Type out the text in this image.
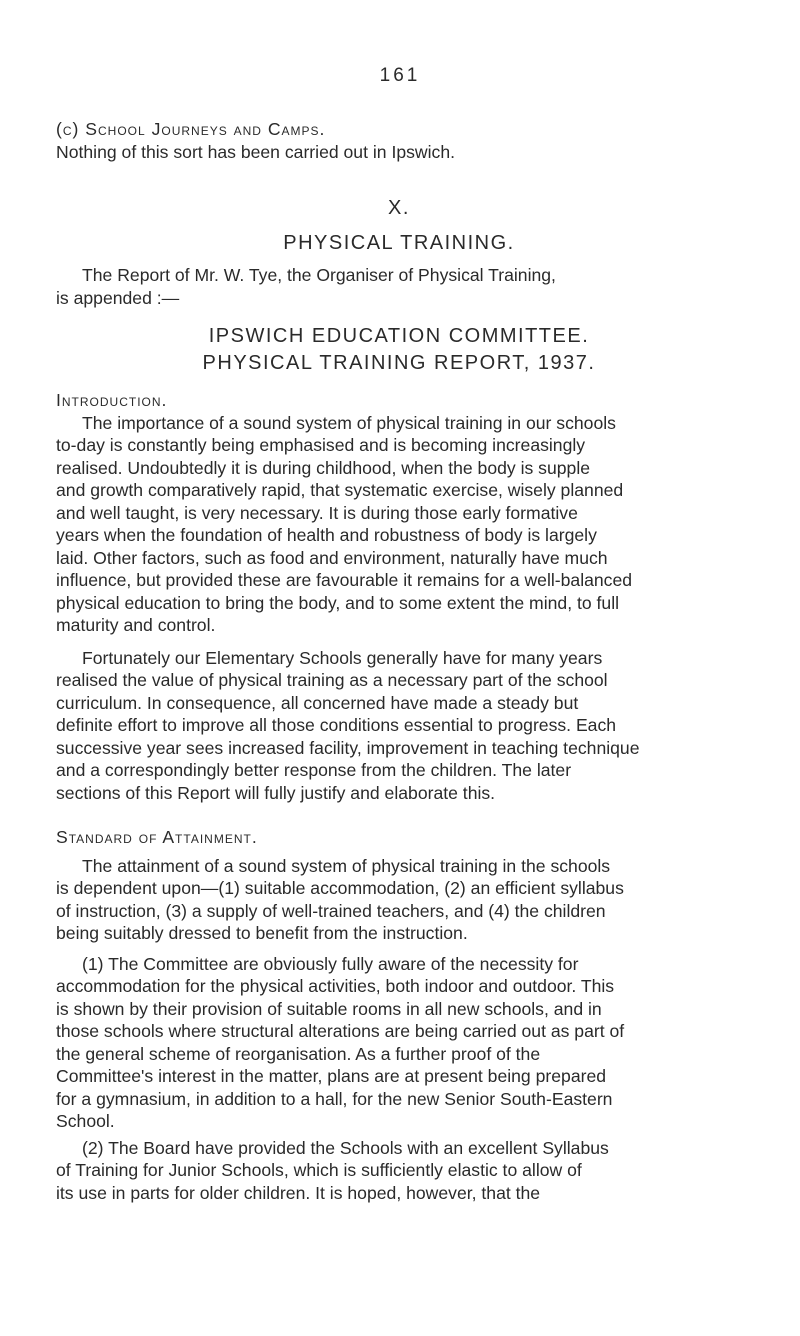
161
(c) School Journeys and Camps.
Nothing of this sort has been carried out in Ipswich.
X.
PHYSICAL TRAINING.
The Report of Mr. W. Tye, the Organiser of Physical Training,
is appended :—
IPSWICH EDUCATION COMMITTEE.
PHYSICAL TRAINING REPORT, 1937.
Introduction.
The importance of a sound system of physical training in our schools
to-day is constantly being emphasised and is becoming increasingly
realised. Undoubtedly it is during childhood, when the body is supple
and growth comparatively rapid, that systematic exercise, wisely planned
and well taught, is very necessary. It is during those early formative
years when the foundation of health and robustness of body is largely
laid. Other factors, such as food and environment, naturally have much
influence, but provided these are favourable it remains for a well-balanced
physical education to bring the body, and to some extent the mind, to full
maturity and control.
Fortunately our Elementary Schools generally have for many years
realised the value of physical training as a necessary part of the school
curriculum. In consequence, all concerned have made a steady but
definite effort to improve all those conditions essential to progress. Each
successive year sees increased facility, improvement in teaching technique
and a correspondingly better response from the children. The later
sections of this Report will fully justify and elaborate this.
Standard of Attainment.
The attainment of a sound system of physical training in the schools
is dependent upon—(1) suitable accommodation, (2) an efficient syllabus
of instruction, (3) a supply of well-trained teachers, and (4) the children
being suitably dressed to benefit from the instruction.
(1) The Committee are obviously fully aware of the necessity for
accommodation for the physical activities, both indoor and outdoor. This
is shown by their provision of suitable rooms in all new schools, and in
those schools where structural alterations are being carried out as part of
the general scheme of reorganisation. As a further proof of the
Committee's interest in the matter, plans are at present being prepared
for a gymnasium, in addition to a hall, for the new Senior South-Eastern
School.
(2) The Board have provided the Schools with an excellent Syllabus
of Training for Junior Schools, which is sufficiently elastic to allow of
its use in parts for older children. It is hoped, however, that the
